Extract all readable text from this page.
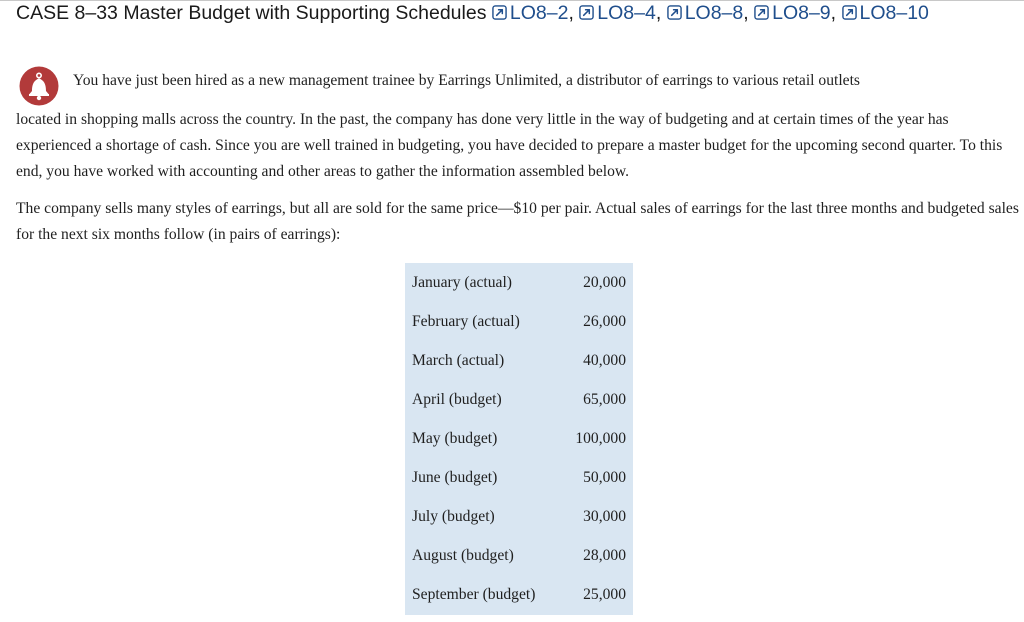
CASE 8–33 Master Budget with Supporting Schedules LO8–2, LO8–4, LO8–8, LO8–9, LO8–10

You have just been hired as a new management trainee by Earrings Unlimited, a distributor of earrings to various retail outlets

located in shopping malls across the country. In the past, the company has done very little in the way of budgeting and at certain times of the year has experienced a shortage of cash. Since you are well trained in budgeting, you have decided to prepare a master budget for the upcoming second quarter. To this end, you have worked with accounting and other areas to gather the information assembled below.

The company sells many styles of earrings, but all are sold for the same price—$10 per pair. Actual sales of earrings for the last three months and budgeted sales for the next six months follow (in pairs of earrings):

January (actual)	20,000
February (actual)	26,000
March (actual)	40,000
April (budget)	65,000
May (budget)	100,000
June (budget)	50,000
July (budget)	30,000
August (budget)	28,000
September (budget)	25,000
